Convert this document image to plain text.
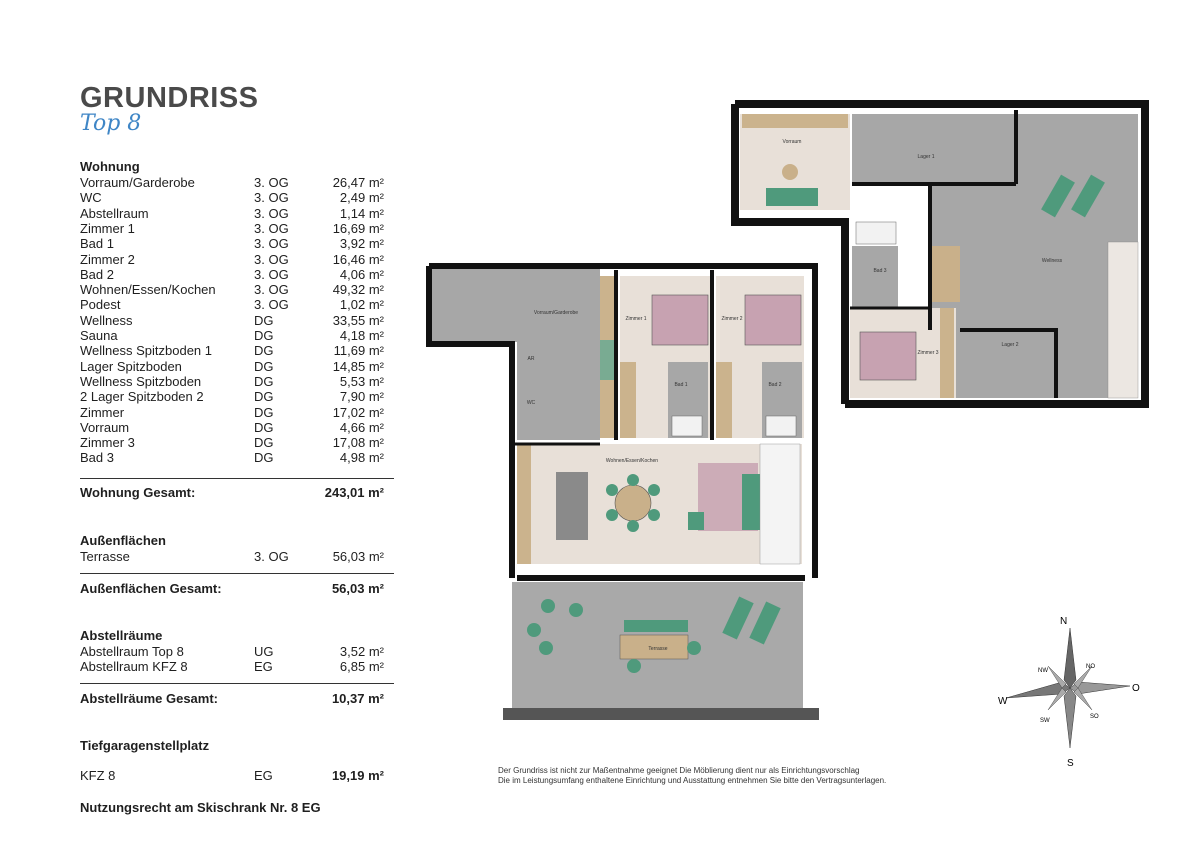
GRUNDRISS
Top 8
Wohnung
Vorraum/Garderobe	3. OG	26,47 m²
WC	3. OG	2,49 m²
Abstellraum	3. OG	1,14 m²
Zimmer 1	3. OG	16,69 m²
Bad 1	3. OG	3,92 m²
Zimmer 2	3. OG	16,46 m²
Bad 2	3. OG	4,06 m²
Wohnen/Essen/Kochen	3. OG	49,32 m²
Podest	3. OG	1,02 m²
Wellness	DG	33,55 m²
Sauna	DG	4,18 m²
Wellness Spitzboden 1	DG	11,69 m²
Lager Spitzboden	DG	14,85 m²
Wellness Spitzboden	DG	5,53 m²
2 Lager Spitzboden 2	DG	7,90 m²
Zimmer	DG	17,02 m²
Vorraum	DG	4,66 m²
Zimmer 3	DG	17,08 m²
Bad 3	DG	4,98 m²
Wohnung Gesamt:	243,01 m²
Außenflächen
Terrasse	3. OG	56,03 m²
Außenflächen Gesamt:	56,03 m²
Abstellräume
Abstellraum Top 8	UG	3,52 m²
Abstellraum KFZ 8	EG	6,85 m²
Abstellräume Gesamt:	10,37 m²
Tiefgaragenstellplatz
KFZ 8	EG	19,19 m²
Nutzungsrecht am Skischrank Nr. 8 EG
Der Grundriss ist nicht zur Maßentnahme geeignet Die Möblierung dient nur als Einrichtungsvorschlag
Die im Leistungsumfang enthaltene Einrichtung und Ausstattung entnehmen Sie bitte den Vertragsunterlagen.
Vorraum/Garderobe
AR
WC
Zimmer 1	Zimmer 2
Bad 1	Bad 2
Wohnen/Essen/Kochen
Terrasse
Vorraum
Lager 1
Bad 3
Wellness
Zimmer 3
Lager 2
N
O
S
W
NO
SO
SW
NW
